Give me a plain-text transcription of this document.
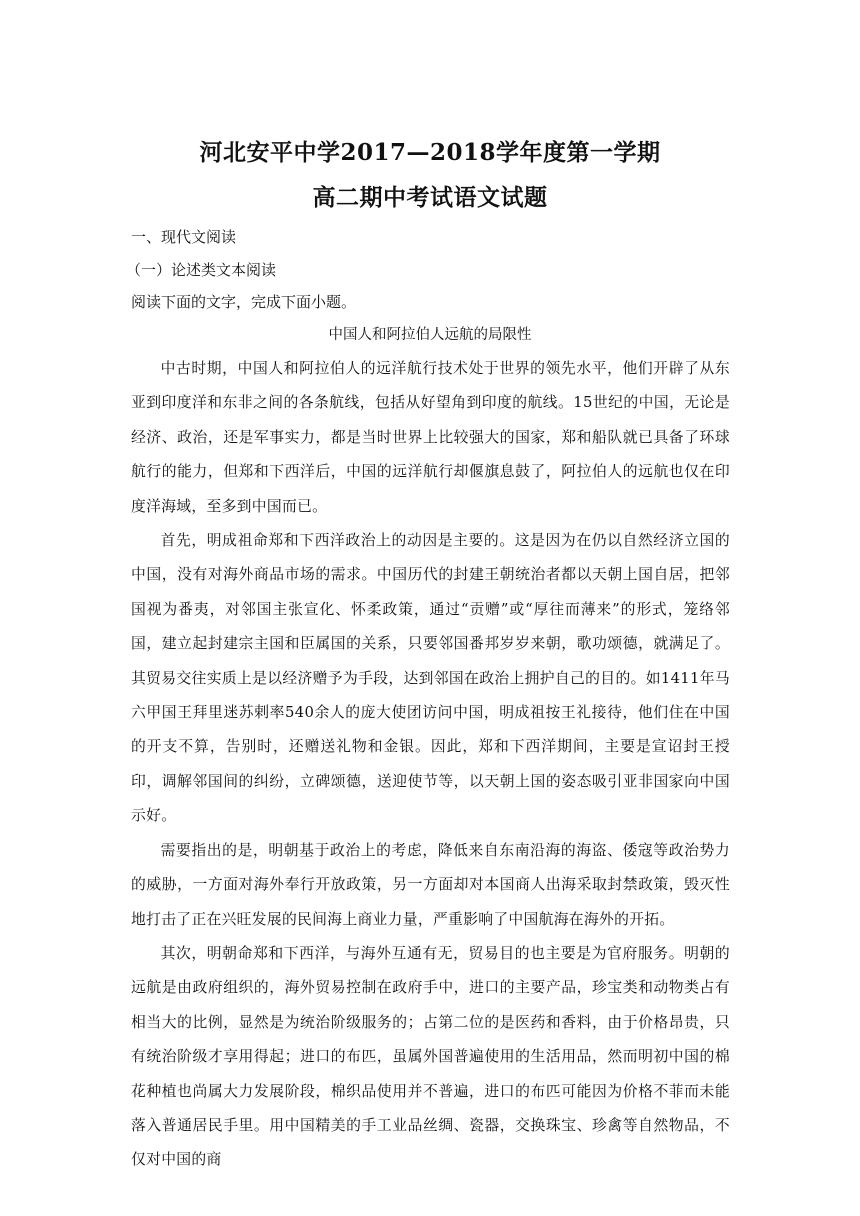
河北安平中学2017—2018学年度第一学期
高二期中考试语文试题
一、现代文阅读
（一）论述类文本阅读
阅读下面的文字，完成下面小题。
中国人和阿拉伯人远航的局限性

中古时期，中国人和阿拉伯人的远洋航行技术处于世界的领先水平，他们开辟了从东亚到印度洋和东非之间的各条航线，包括从好望角到印度的航线。15世纪的中国，无论是经济、政治，还是军事实力，都是当时世界上比较强大的国家，郑和船队就已具备了环球航行的能力，但郑和下西洋后，中国的远洋航行却偃旗息鼓了，阿拉伯人的远航也仅在印度洋海域，至多到中国而已。

首先，明成祖命郑和下西洋政治上的动因是主要的。这是因为在仍以自然经济立国的中国，没有对海外商品市场的需求。中国历代的封建王朝统治者都以天朝上国自居，把邻国视为番夷，对邻国主张宣化、怀柔政策，通过“贡赠”或“厚往而薄来”的形式，笼络邻国，建立起封建宗主国和臣属国的关系，只要邻国番邦岁岁来朝，歌功颂德，就满足了。其贸易交往实质上是以经济赠予为手段，达到邻国在政治上拥护自己的目的。如1411年马六甲国王拜里迷苏剌率540余人的庞大使团访问中国，明成祖按王礼接待，他们住在中国的开支不算，告别时，还赠送礼物和金银。因此，郑和下西洋期间，主要是宣诏封王授印，调解邻国间的纠纷，立碑颂德，送迎使节等，以天朝上国的姿态吸引亚非国家向中国示好。

需要指出的是，明朝基于政治上的考虑，降低来自东南沿海的海盗、倭寇等政治势力的威胁，一方面对海外奉行开放政策，另一方面却对本国商人出海采取封禁政策，毁灭性地打击了正在兴旺发展的民间海上商业力量，严重影响了中国航海在海外的开拓。

其次，明朝命郑和下西洋，与海外互通有无，贸易目的也主要是为官府服务。明朝的远航是由政府组织的，海外贸易控制在政府手中，进口的主要产品，珍宝类和动物类占有相当大的比例，显然是为统治阶级服务的；占第二位的是医药和香料，由于价格昂贵，只有统治阶级才享用得起；进口的布匹，虽属外国普遍使用的生活用品，然而明初中国的棉花种植也尚属大力发展阶段，棉织品使用并不普遍，进口的布匹可能因为价格不菲而未能落入普通居民手里。用中国精美的手工业品丝绸、瓷器，交换珠宝、珍禽等自然物品，不仅对中国的商
